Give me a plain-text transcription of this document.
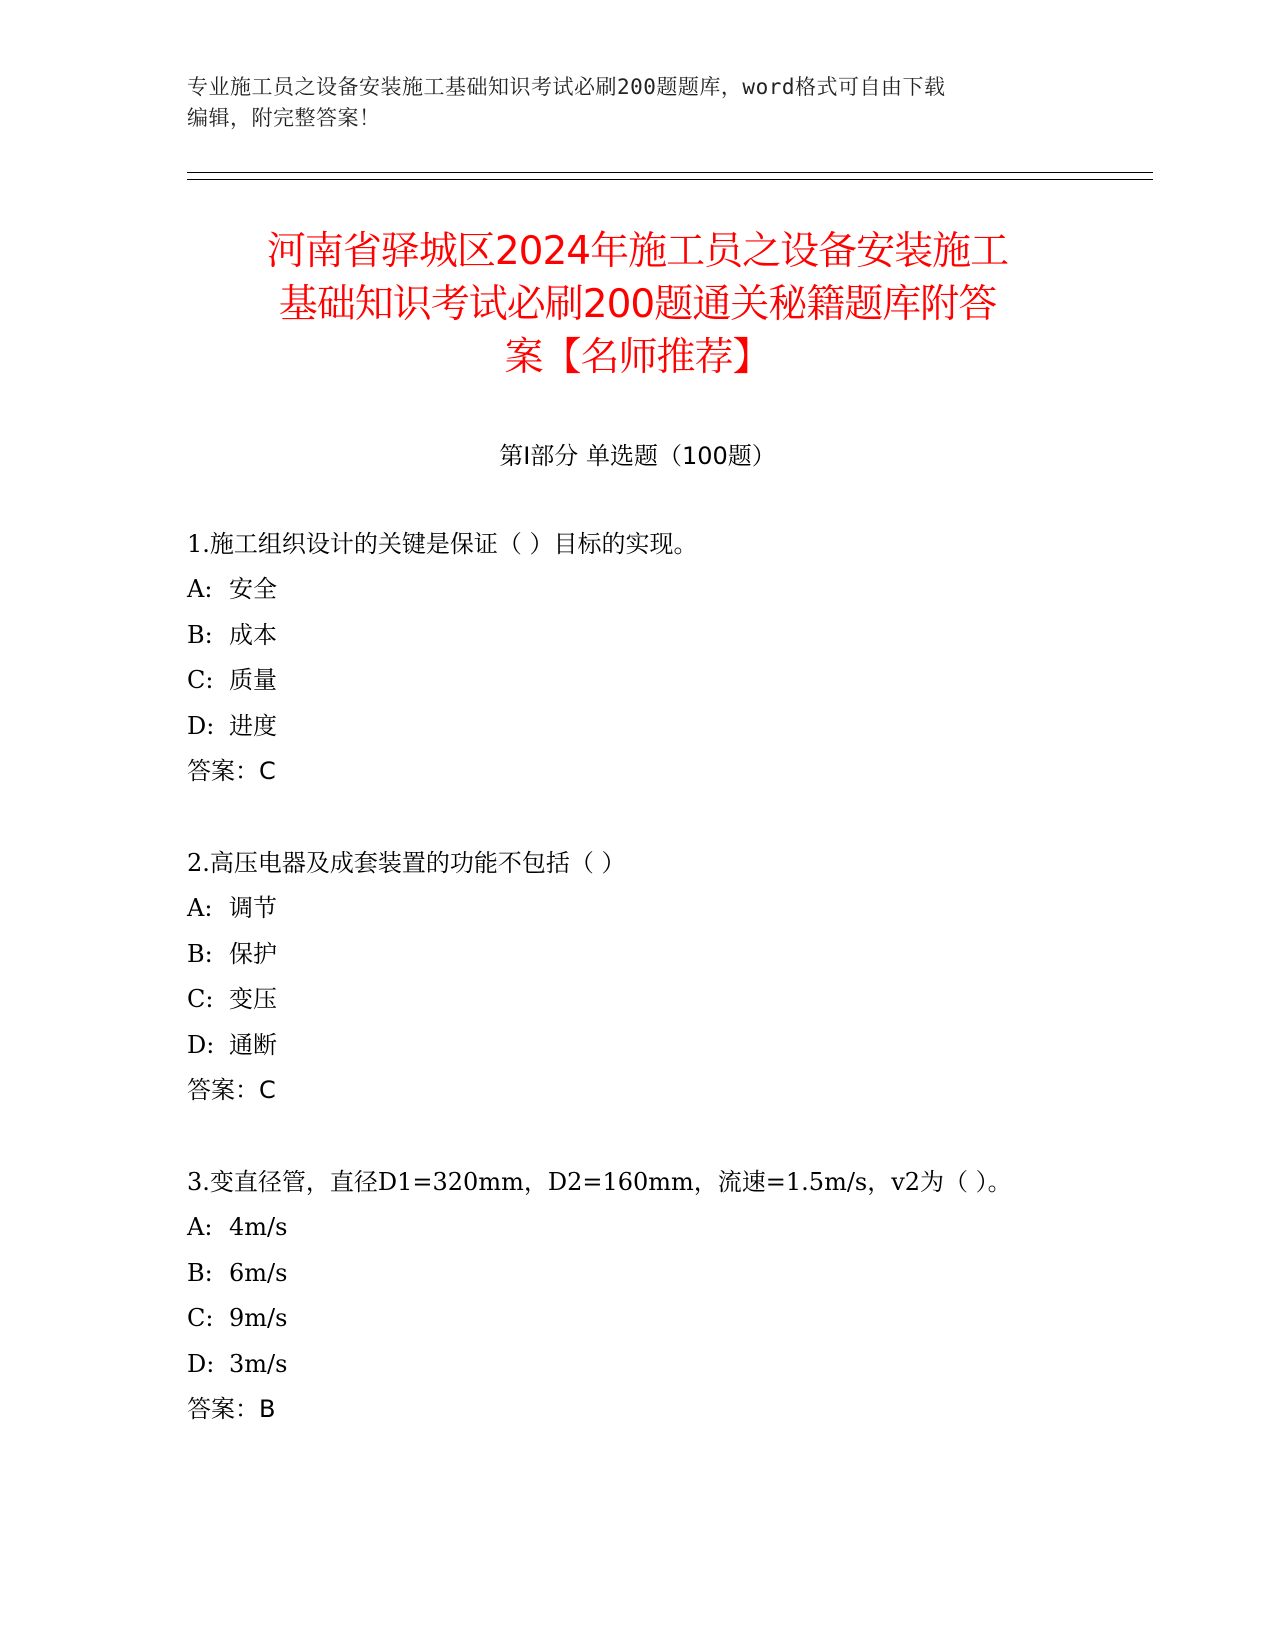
专业施工员之设备安装施工基础知识考试必刷200题题库，word格式可自由下载
编辑，附完整答案！
河南省驿城区2024年施工员之设备安装施工
基础知识考试必刷200题通关秘籍题库附答
案【名师推荐】
第Ⅰ部分 单选题（100题）
1.施工组织设计的关键是保证（ ）目标的实现。
A: 安全
B: 成本
C: 质量
D: 进度
答案：C
2.高压电器及成套装置的功能不包括（ ）
A: 调节
B: 保护
C: 变压
D: 通断
答案：C
3.变直径管，直径D1=320mm，D2=160mm，流速=1.5m/s，v2为（ ）。
A: 4m/s
B: 6m/s
C: 9m/s
D: 3m/s
答案：B
